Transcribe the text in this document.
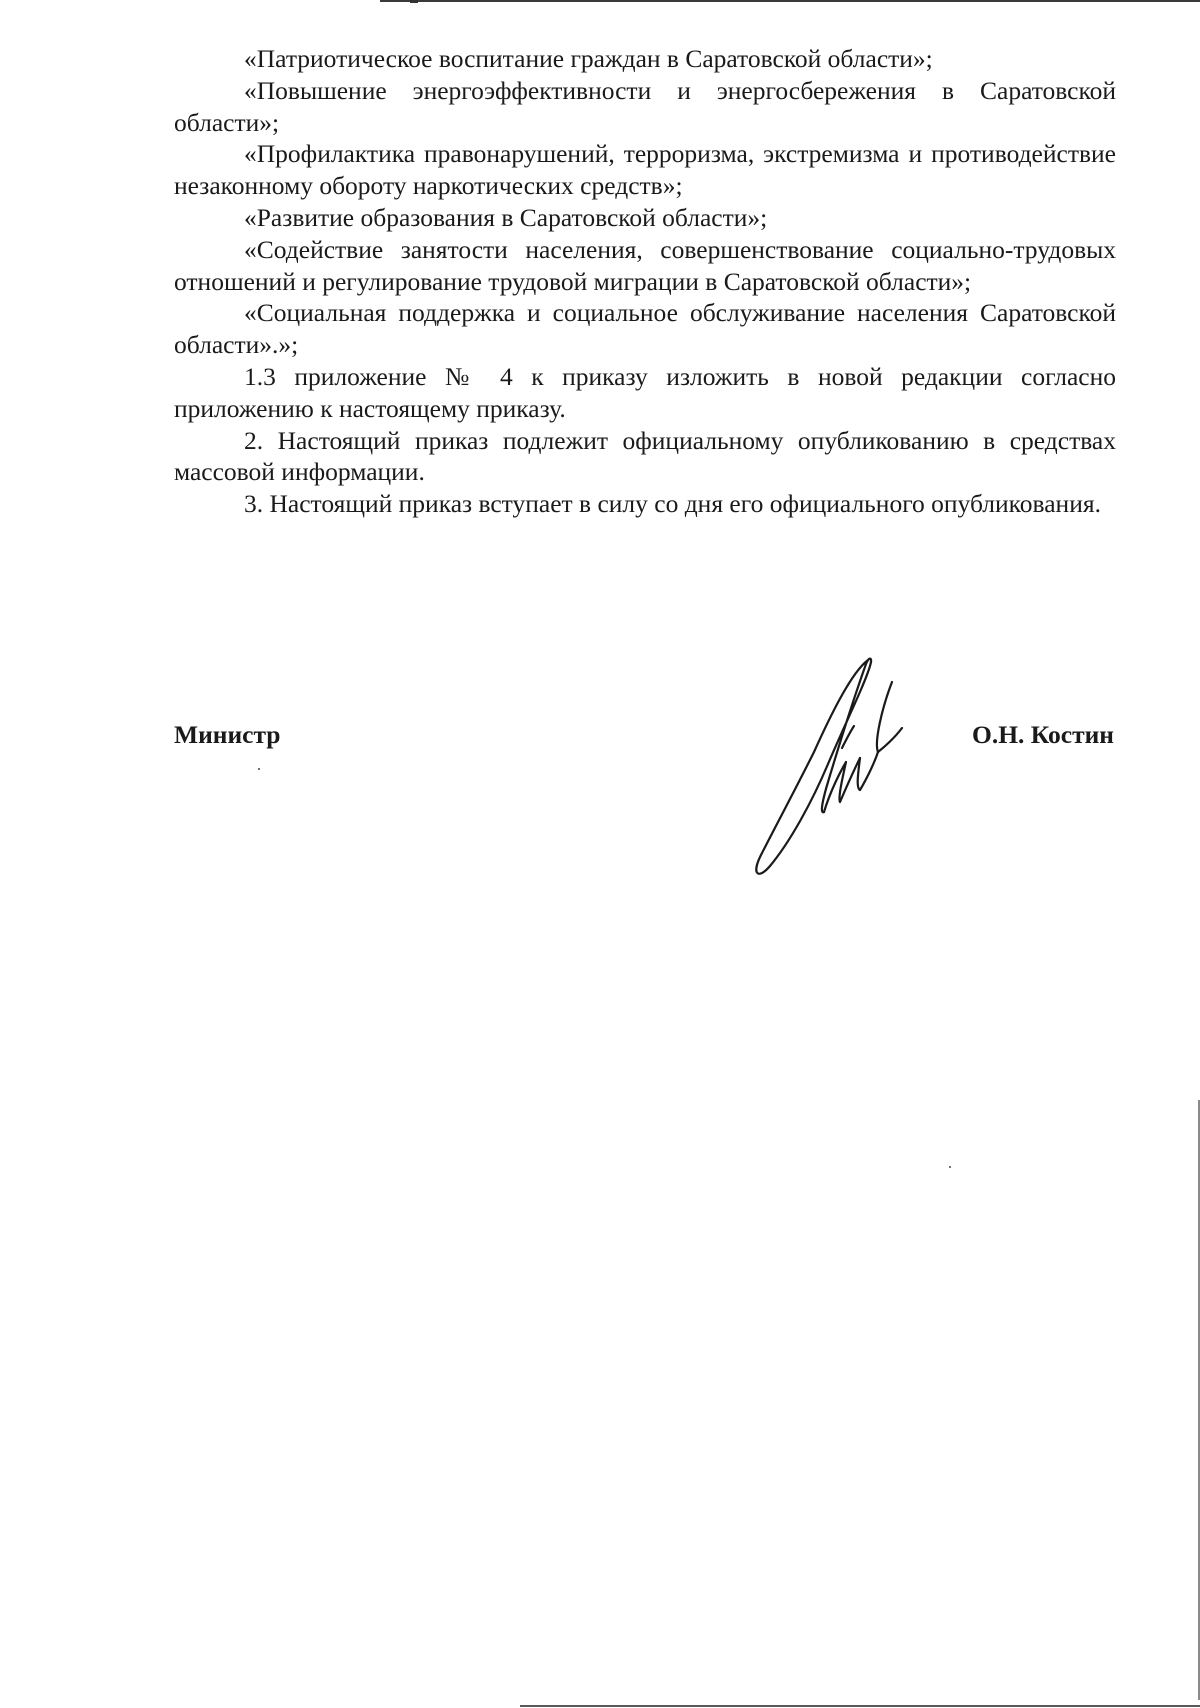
«Патриотическое воспитание граждан в Саратовской области»;

«Повышение энергоэффективности и энергосбережения в Саратовской области»;

«Профилактика правонарушений, терроризма, экстремизма и противодействие незаконному обороту наркотических средств»;

«Развитие образования в Саратовской области»;

«Содействие занятости населения, совершенствование социально-трудовых отношений и регулирование трудовой миграции в Саратовской области»;

«Социальная поддержка и социальное обслуживание населения Саратовской области».»;

1.3 приложение № 4 к приказу изложить в новой редакции согласно приложению к настоящему приказу.

2. Настоящий приказ подлежит официальному опубликованию в средствах массовой информации.

3. Настоящий приказ вступает в силу со дня его официального опубликования.

Министр	О.Н. Костин
